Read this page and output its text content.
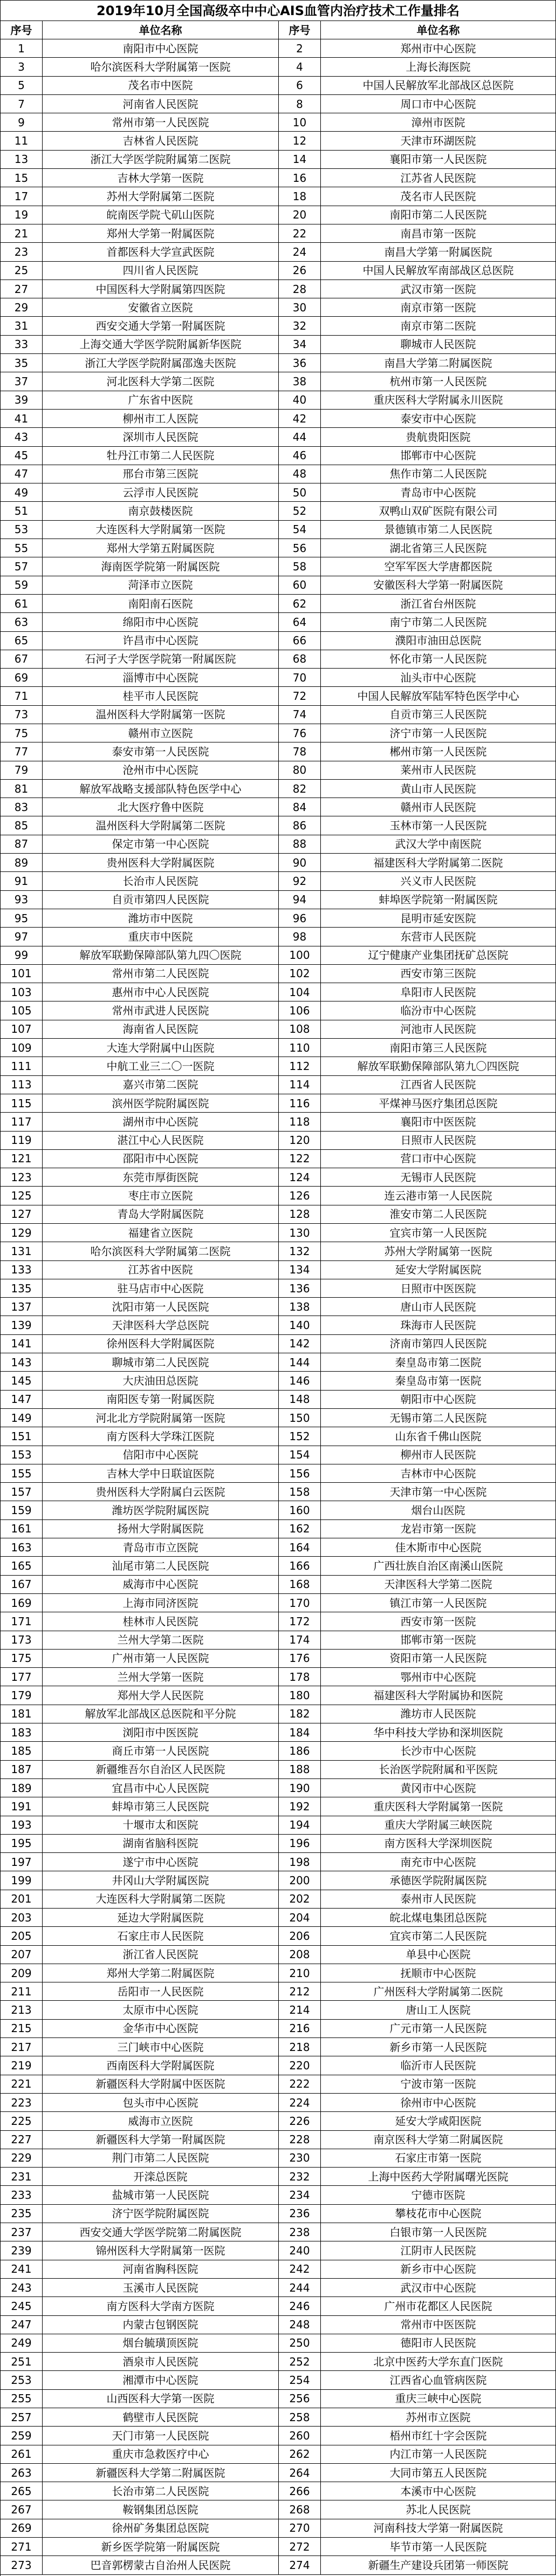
2019年10月全国高级卒中中心AIS血管内治疗技术工作量排名
序号	单位名称	序号	单位名称
1	南阳市中心医院	2	郑州市中心医院
3	哈尔滨医科大学附属第一医院	4	上海长海医院
5	茂名市中医院	6	中国人民解放军北部战区总医院
7	河南省人民医院	8	周口市中心医院
9	常州市第一人民医院	10	漳州市医院
11	吉林省人民医院	12	天津市环湖医院
13	浙江大学医学院附属第二医院	14	襄阳市第一人民医院
15	吉林大学第一医院	16	江苏省人民医院
17	苏州大学附属第二医院	18	茂名市人民医院
19	皖南医学院弋矶山医院	20	南阳市第二人民医院
21	郑州大学第一附属医院	22	南昌市第一医院
23	首都医科大学宣武医院	24	南昌大学第一附属医院
25	四川省人民医院	26	中国人民解放军南部战区总医院
27	中国医科大学附属第四医院	28	武汉市第一医院
29	安徽省立医院	30	南京市第一医院
31	西安交通大学第一附属医院	32	南京市第二医院
33	上海交通大学医学院附属新华医院	34	聊城市人民医院
35	浙江大学医学院附属邵逸夫医院	36	南昌大学第二附属医院
37	河北医科大学第二医院	38	杭州市第一人民医院
39	广东省中医院	40	重庆医科大学附属永川医院
41	柳州市工人医院	42	泰安市中心医院
43	深圳市人民医院	44	贵航贵阳医院
45	牡丹江市第二人民医院	46	邯郸市中心医院
47	邢台市第三医院	48	焦作市第二人民医院
49	云浮市人民医院	50	青岛市中心医院
51	南京鼓楼医院	52	双鸭山双矿医院有限公司
53	大连医科大学附属第一医院	54	景德镇市第二人民医院
55	郑州大学第五附属医院	56	湖北省第三人民医院
57	海南医学院第一附属医院	58	空军军医大学唐都医院
59	菏泽市立医院	60	安徽医科大学第一附属医院
61	南阳南石医院	62	浙江省台州医院
63	绵阳市中心医院	64	南宁市第二人民医院
65	许昌市中心医院	66	濮阳市油田总医院
67	石河子大学医学院第一附属医院	68	怀化市第一人民医院
69	淄博市中心医院	70	汕头市中心医院
71	桂平市人民医院	72	中国人民解放军陆军特色医学中心
73	温州医科大学附属第一医院	74	自贡市第三人民医院
75	赣州市立医院	76	济宁市第一人民医院
77	泰安市第一人民医院	78	郴州市第一人民医院
79	沧州市中心医院	80	莱州市人民医院
81	解放军战略支援部队特色医学中心	82	黄山市人民医院
83	北大医疗鲁中医院	84	赣州市人民医院
85	温州医科大学附属第二医院	86	玉林市第一人民医院
87	保定市第一中心医院	88	武汉大学中南医院
89	贵州医科大学附属医院	90	福建医科大学附属第二医院
91	长治市人民医院	92	兴义市人民医院
93	自贡市第四人民医院	94	蚌埠医学院第一附属医院
95	潍坊市中医院	96	昆明市延安医院
97	重庆市中医院	98	东营市人民医院
99	解放军联勤保障部队第九四〇医院	100	辽宁健康产业集团抚矿总医院
101	常州市第二人民医院	102	西安市第三医院
103	惠州市中心人民医院	104	阜阳市人民医院
105	常州市武进人民医院	106	临汾市中心医院
107	海南省人民医院	108	河池市人民医院
109	大连大学附属中山医院	110	南阳市第三人民医院
111	中航工业三二〇一医院	112	解放军联勤保障部队第九〇四医院
113	嘉兴市第二医院	114	江西省人民医院
115	滨州医学院附属医院	116	平煤神马医疗集团总医院
117	湖州市中心医院	118	襄阳市中医医院
119	湛江中心人民医院	120	日照市人民医院
121	邵阳市中心医院	122	营口市中心医院
123	东莞市厚街医院	124	无锡市人民医院
125	枣庄市立医院	126	连云港市第一人民医院
127	青岛大学附属医院	128	淮安市第二人民医院
129	福建省立医院	130	宜宾市第一人民医院
131	哈尔滨医科大学附属第二医院	132	苏州大学附属第一医院
133	江苏省中医院	134	延安大学附属医院
135	驻马店市中心医院	136	日照市中医医院
137	沈阳市第一人民医院	138	唐山市人民医院
139	天津医科大学总医院	140	珠海市人民医院
141	徐州医科大学附属医院	142	济南市第四人民医院
143	聊城市第二人民医院	144	秦皇岛市第二医院
145	大庆油田总医院	146	秦皇岛市第一医院
147	南阳医专第一附属医院	148	朝阳市中心医院
149	河北北方学院附属第一医院	150	无锡市第二人民医院
151	南方医科大学珠江医院	152	山东省千佛山医院
153	信阳市中心医院	154	柳州市人民医院
155	吉林大学中日联谊医院	156	吉林市中心医院
157	贵州医科大学附属白云医院	158	天津市第一中心医院
159	潍坊医学院附属医院	160	烟台山医院
161	扬州大学附属医院	162	龙岩市第一医院
163	青岛市市立医院	164	佳木斯市中心医院
165	汕尾市第二人民医院	166	广西壮族自治区南溪山医院
167	威海市中心医院	168	天津医科大学第二医院
169	上海市同济医院	170	镇江市第一人民医院
171	桂林市人民医院	172	西安市第一医院
173	兰州大学第二医院	174	邯郸市第一医院
175	广州市第一人民医院	176	资阳市第一人民医院
177	兰州大学第一医院	178	鄂州市中心医院
179	郑州大学人民医院	180	福建医科大学附属协和医院
181	解放军北部战区总医院和平分院	182	潍坊市人民医院
183	浏阳市中医医院	184	华中科技大学协和深圳医院
185	商丘市第一人民医院	186	长沙市中心医院
187	新疆维吾尔自治区人民医院	188	长治医学院附属和平医院
189	宜昌市中心人民医院	190	黄冈市中心医院
191	蚌埠市第三人民医院	192	重庆医科大学附属第一医院
193	十堰市太和医院	194	重庆大学附属三峡医院
195	湖南省脑科医院	196	南方医科大学深圳医院
197	遂宁市中心医院	198	南充市中心医院
199	井冈山大学附属医院	200	承德医学院附属医院
201	大连医科大学附属第二医院	202	泰州市人民医院
203	延边大学附属医院	204	皖北煤电集团总医院
205	石家庄市人民医院	206	宜宾市第二人民医院
207	浙江省人民医院	208	单县中心医院
209	郑州大学第二附属医院	210	抚顺市中心医院
211	岳阳市一人民医院	212	广州医科大学附属第二医院
213	太原市中心医院	214	唐山工人医院
215	金华市中心医院	216	广元市第一人民医院
217	三门峡市中心医院	218	新乡市第一人民医院
219	西南医科大学附属医院	220	临沂市人民医院
221	新疆医科大学附属中医医院	222	宁波市第一医院
223	包头市中心医院	224	徐州市中心医院
225	威海市立医院	226	延安大学咸阳医院
227	新疆医科大学第一附属医院	228	南京医科大学第二附属医院
229	荆门市第二人民医院	230	石家庄市第一医院
231	开滦总医院	232	上海中医药大学附属曙光医院
233	盐城市第一人民医院	234	宁德市医院
235	济宁医学院附属医院	236	攀枝花市中心医院
237	西安交通大学医学院第二附属医院	238	白银市第一人民医院
239	锦州医科大学附属第一医院	240	江阴市人民医院
241	河南省胸科医院	242	新乡市中心医院
243	玉溪市人民医院	244	武汉市中心医院
245	南方医科大学南方医院	246	广州市花都区人民医院
247	内蒙古包钢医院	248	常州市中医医院
249	烟台毓璜顶医院	250	德阳市人民医院
251	酒泉市人民医院	252	北京中医药大学东直门医院
253	湘潭市中心医院	254	江西省心血管病医院
255	山西医科大学第一医院	256	重庆三峡中心医院
257	鹤壁市人民医院	258	苏州市立医院
259	天门市第一人民医院	260	梧州市红十字会医院
261	重庆市急救医疗中心	262	内江市第一人民医院
263	新疆医科大学第二附属医院	264	大同市第五人民医院
265	长治市第二人民医院	266	本溪市中心医院
267	鞍钢集团总医院	268	苏北人民医院
269	徐州矿务集团总医院	270	河南科技大学第一附属医院
271	新乡医学院第一附属医院	272	毕节市第一人民医院
273	巴音郭楞蒙古自治州人民医院	274	新疆生产建设兵团第一师医院
